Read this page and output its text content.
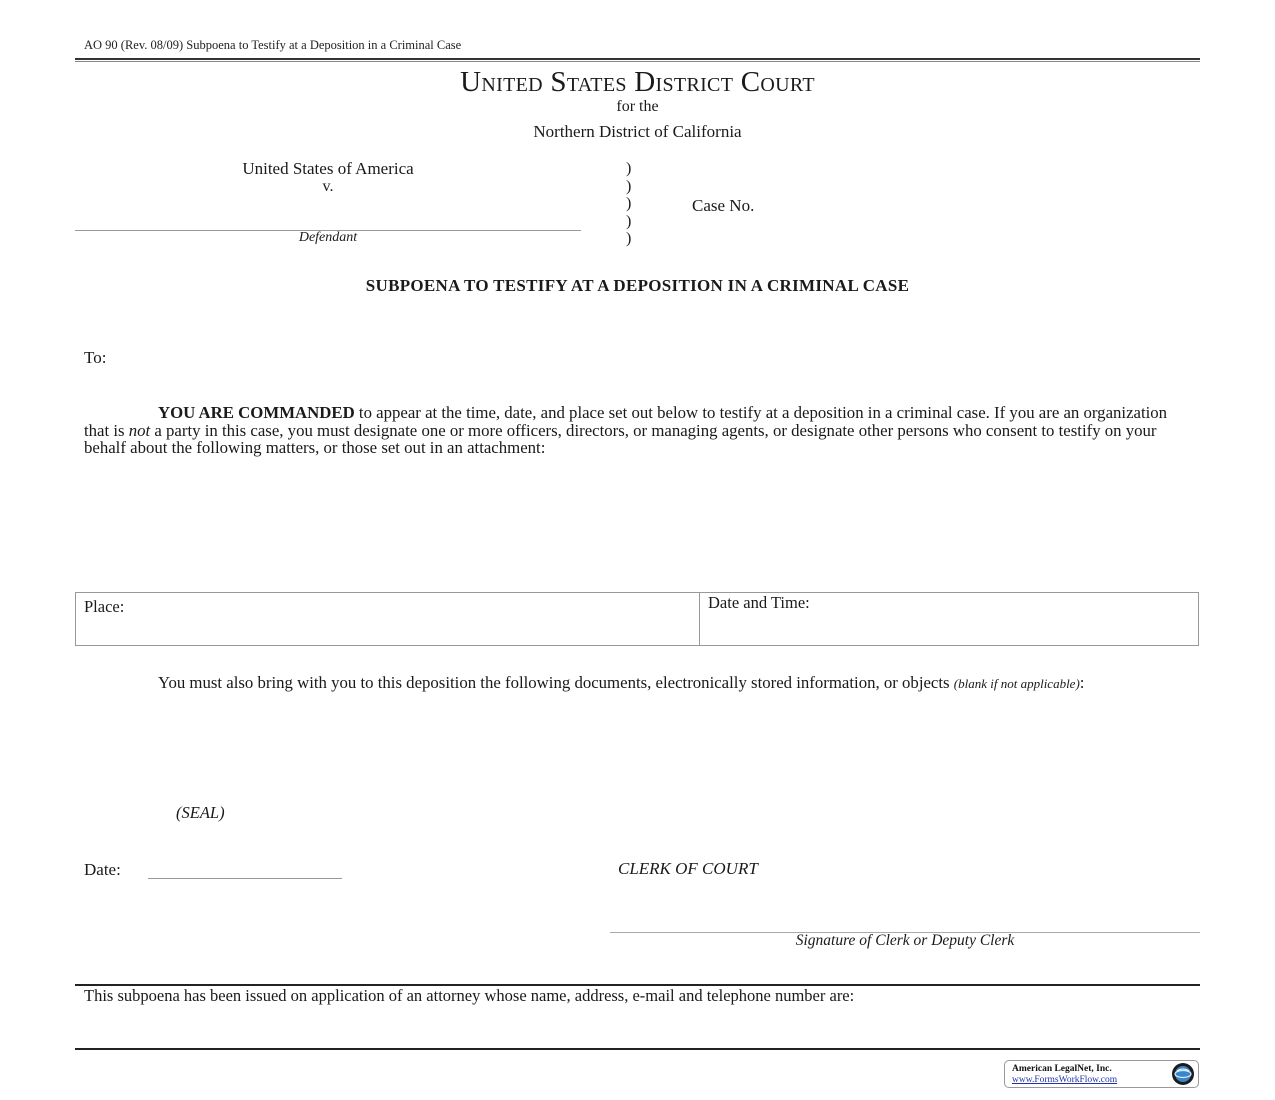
AO 90 (Rev. 08/09) Subpoena to Testify at a Deposition in a Criminal Case
United States District Court
for the
Northern District of California
United States of America
v.
Defendant
)
)
)
)
)
Case No.
SUBPOENA TO TESTIFY AT A DEPOSITION IN A CRIMINAL CASE
To:
YOU ARE COMMANDED to appear at the time, date, and place set out below to testify at a deposition in a criminal case. If you are an organization that is not a party in this case, you must designate one or more officers, directors, or managing agents, or designate other persons who consent to testify on your behalf about the following matters, or those set out in an attachment:
Place:	Date and Time:
You must also bring with you to this deposition the following documents, electronically stored information, or objects (blank if not applicable):
(SEAL)
Date:	CLERK OF COURT
Signature of Clerk or Deputy Clerk
This subpoena has been issued on application of an attorney whose name, address, e-mail and telephone number are:
American LegalNet, Inc.
www.FormsWorkFlow.com
